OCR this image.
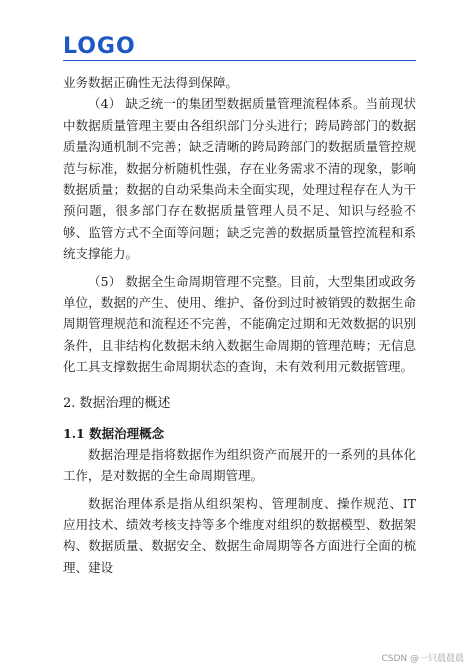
LOGO

业务数据正确性无法得到保障。

（4） 缺乏统一的集团型数据质量管理流程体系。当前现状中数据质量管理主要由各组织部门分头进行；跨局跨部门的数据质量沟通机制不完善；缺乏清晰的跨局跨部门的数据质量管控规范与标准，数据分析随机性强，存在业务需求不清的现象，影响数据质量；数据的自动采集尚未全面实现，处理过程存在人为干预问题，很多部门存在数据质量管理人员不足、知识与经验不够、监管方式不全面等问题；缺乏完善的数据质量管控流程和系统支撑能力。

（5） 数据全生命周期管理不完整。目前，大型集团或政务单位，数据的产生、使用、维护、备份到过时被销毁的数据生命周期管理规范和流程还不完善，不能确定过期和无效数据的识别条件，且非结构化数据未纳入数据生命周期的管理范畴；无信息化工具支撑数据生命周期状态的查询，未有效利用元数据管理。

2. 数据治理的概述
1.1 数据治理概念

数据治理是指将数据作为组织资产而展开的一系列的具体化工作，是对数据的全生命周期管理。

数据治理体系是指从组织架构、管理制度、操作规范、IT 应用技术、绩效考核支持等多个维度对组织的数据模型、数据架构、数据质量、数据安全、数据生命周期等各方面进行全面的梳理、建设

CSDN @一只晨晨晨
